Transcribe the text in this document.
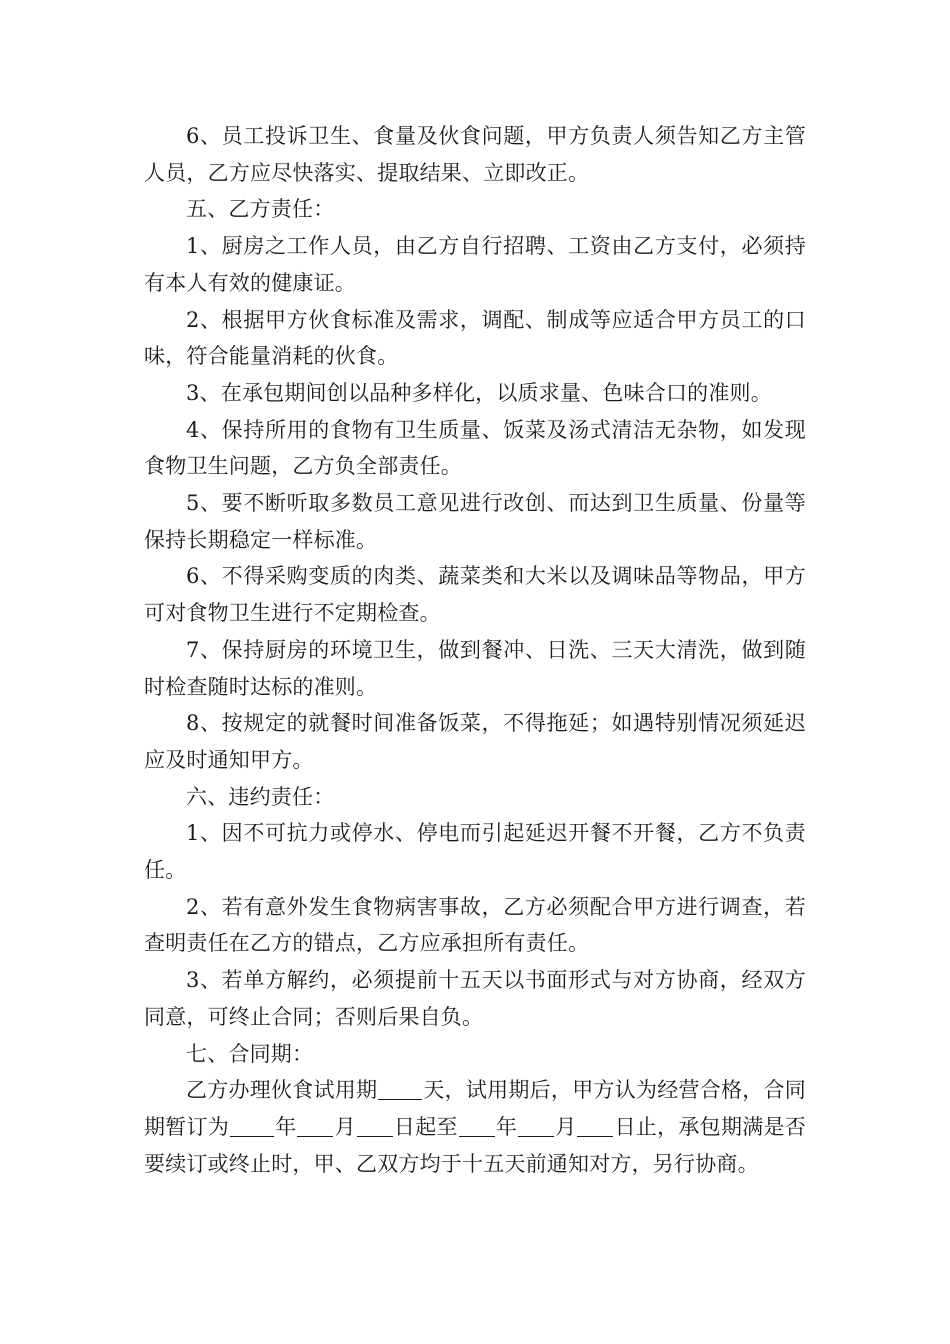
6、员工投诉卫生、食量及伙食问题，甲方负责人须告知乙方主管人员，乙方应尽快落实、提取结果、立即改正。

五、乙方责任：

1、厨房之工作人员，由乙方自行招聘、工资由乙方支付，必须持有本人有效的健康证。

2、根据甲方伙食标准及需求，调配、制成等应适合甲方员工的口味，符合能量消耗的伙食。

3、在承包期间创以品种多样化，以质求量、色味合口的准则。

4、保持所用的食物有卫生质量、饭菜及汤式清洁无杂物，如发现食物卫生问题，乙方负全部责任。

5、要不断听取多数员工意见进行改创、而达到卫生质量、份量等保持长期稳定一样标准。

6、不得采购变质的肉类、蔬菜类和大米以及调味品等物品，甲方可对食物卫生进行不定期检查。

7、保持厨房的环境卫生，做到餐冲、日洗、三天大清洗，做到随时检查随时达标的准则。

8、按规定的就餐时间准备饭菜，不得拖延；如遇特别情况须延迟应及时通知甲方。

六、违约责任：

1、因不可抗力或停水、停电而引起延迟开餐不开餐，乙方不负责任。

2、若有意外发生食物病害事故，乙方必须配合甲方进行调查，若查明责任在乙方的错点，乙方应承担所有责任。

3、若单方解约，必须提前十五天以书面形式与对方协商，经双方同意，可终止合同；否则后果自负。

七、合同期：

乙方办理伙食试用期 天，试用期后，甲方认为经营合格，合同期暂订为 年 月 日起至 年 月 日止，承包期满是否要续订或终止时，甲、乙双方均于十五天前通知对方，另行协商。
